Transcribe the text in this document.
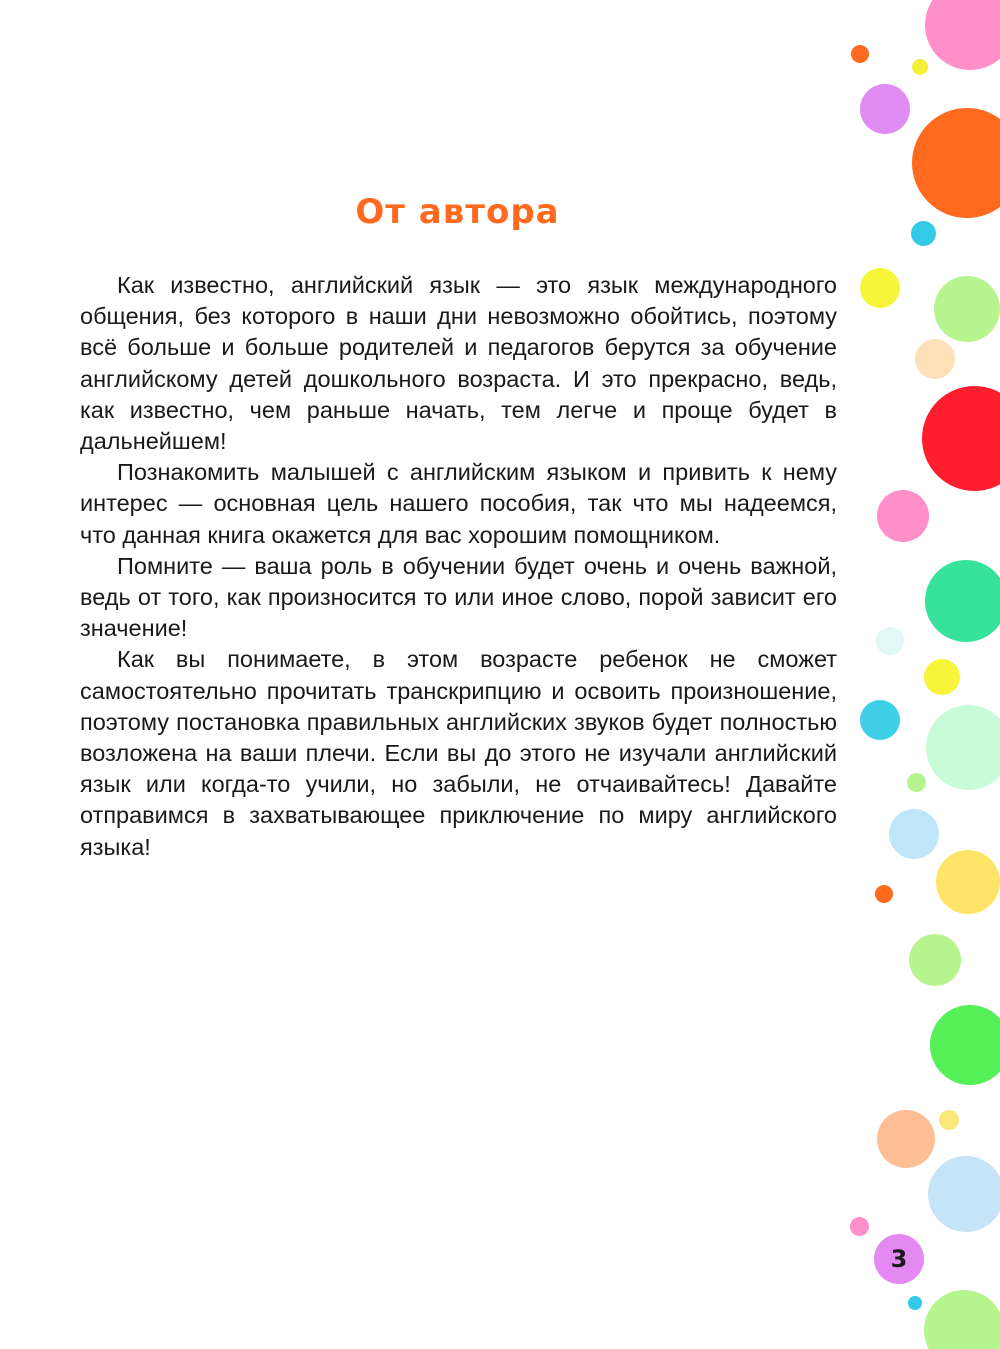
От автора

Как известно, английский язык — это язык международного общения, без которого в наши дни невозможно обойтись, поэтому всё больше и больше родителей и педагогов берутся за обучение английскому детей дошкольного возраста. И это прекрасно, ведь, как известно, чем раньше начать, тем легче и проще будет в дальнейшем!

Познакомить малышей с английским языком и привить к нему интерес — основная цель нашего пособия, так что мы надеемся, что данная книга окажется для вас хорошим помощником.

Помните — ваша роль в обучении будет очень и очень важной, ведь от того, как произносится то или иное слово, порой зависит его значение!

Как вы понимаете, в этом возрасте ребенок не сможет самостоятельно прочитать транскрипцию и освоить произношение, поэтому постановка правильных английских звуков будет полностью возложена на ваши плечи. Если вы до этого не изучали английский язык или когда-то учили, но забыли, не отчаивайтесь! Давайте отправимся в захватывающее приключение по миру английского языка!

3
